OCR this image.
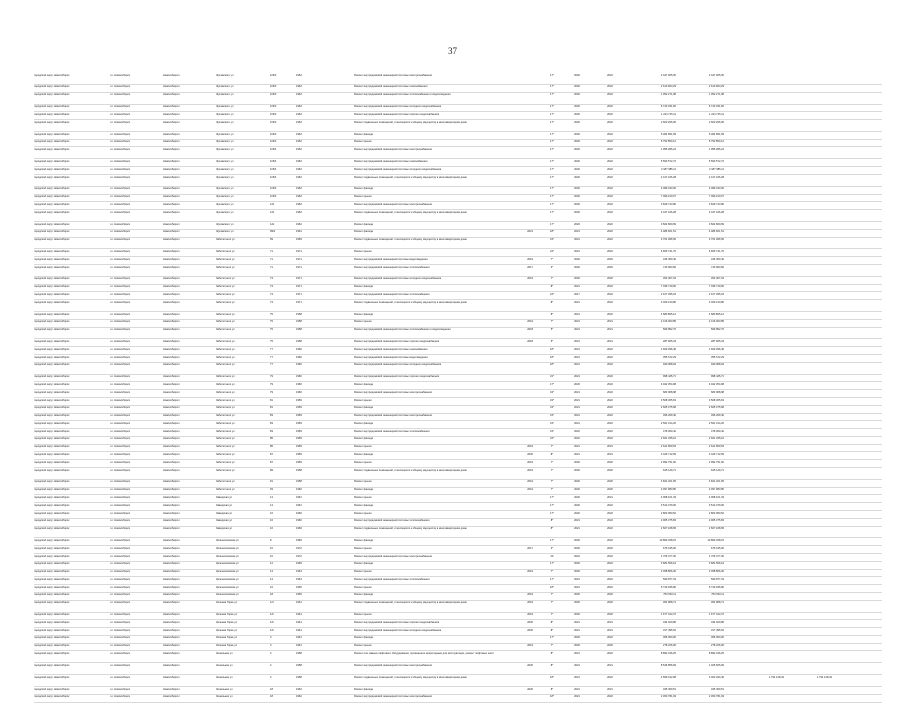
37
городской округ Новосибирск	г.о. Новосибирск	Новосибирск г	Жуковского ул	115/2	1962	Ремонт внутридомовой инженерной системы электроснабжения	17*	2020	2022	2 447 005,30	2 447 005,30
городской округ Новосибирск	г.о. Новосибирск	Новосибирск г	Жуковского ул	115/2	1962	Ремонт внутридомовой инженерной системы газоснабжения	17*	2020	2022	2 610 903,29	2 610 903,29
городской округ Новосибирск	г.о. Новосибирск	Новосибирск г	Жуковского ул	115/2	1962	Ремонт внутридомовой инженерной системы теплоснабжения и водоотведения	17*	2020	2022	1 052 271,08	1 052 271,08
городской округ Новосибирск	г.о. Новосибирск	Новосибирск г	Жуковского ул	115/2	1962	Ремонт внутридомовой инженерной системы холодного водоснабжения	17*	2020	2022	6 743 031,82	6 743 031,82
городской округ Новосибирск	г.о. Новосибирск	Новосибирск г	Жуковского ул	115/2	1962	Ремонт внутридомовой инженерной системы горячего водоснабжения	17*	2020	2022	1 244 715,11	1 244 715,11
городской округ Новосибирск	г.о. Новосибирск	Новосибирск г	Жуковского ул	115/2	1962	Ремонт подвальных помещений, относящихся к общему имуществу в многоквартирном доме	17*	2020	2022	2 603 206,00	2 603 206,00
городской округ Новосибирск	г.о. Новосибирск	Новосибирск г	Жуковского ул	115/2	1962	Ремонт фасада	17*	2020	2022	5 364 891,59	5 364 891,59
городской округ Новосибирск	г.о. Новосибирск	Новосибирск г	Жуковского ул	115/2	1962	Ремонт крыши	17*	2020	2022	5 752 850,12	5 752 850,12
городской округ Новосибирск	г.о. Новосибирск	Новосибирск г	Жуковского ул	115/4	1962	Ремонт внутридомовой инженерной системы электроснабжения	17*	2020	2022	1 955 286,24	1 955 286,24
городской округ Новосибирск	г.о. Новосибирск	Новосибирск г	Жуковского ул	115/4	1962	Ремонт внутридомовой инженерной системы газоснабжения	17*	2020	2022	6 593 572,72	6 593 572,72
городской округ Новосибирск	г.о. Новосибирск	Новосибирск г	Жуковского ул	115/4	1962	Ремонт внутридомовой инженерной системы холодного водоснабжения	17*	2020	2022	3 187 985,11	3 187 985,11
городской округ Новосибирск	г.о. Новосибирск	Новосибирск г	Жуковского ул	115/4	1962	Ремонт подвальных помещений, относящихся к общему имуществу в многоквартирном доме	17*	2020	2022	2 417 246,28	2 417 246,28
городской округ Новосибирск	г.о. Новосибирск	Новосибирск г	Жуковского ул	115/4	1962	Ремонт фасада	17*	2020	2022	2 489 433,00	2 489 433,00
городской округ Новосибирск	г.о. Новосибирск	Новосибирск г	Жуковского ул	115/4	1962	Ремонт крыши	17*	2020	2022	7 090 210,67	7 090 210,67
городской округ Новосибирск	г.о. Новосибирск	Новосибирск г	Жуковского ул	121	1962	Ремонт внутридомовой инженерной системы электроснабжения	17*	2020	2022	3 849 743,80	3 849 743,80
городской округ Новосибирск	г.о. Новосибирск	Новосибирск г	Жуковского ул	121	1962	Ремонт подвальных помещений, относящихся к общему имуществу в многоквартирном доме	17*	2020	2022	2 447 246,28	2 447 246,28
городской округ Новосибирск	г.о. Новосибирск	Новосибирск г	Жуковского ул	121	1962	Ремонт фасада	17*	2020	2022	3 824 809,69	3 824 809,69
городской округ Новосибирск	г.о. Новосибирск	Новосибирск г	Жуковского ул	99/2	1961	Ремонт фасада	2021	18*	2021	2022	4 486 601,51	4 486 601,51
городской округ Новосибирск	г.о. Новосибирск	Новосибирск г	Заболотного ул	59	1959	Ремонт подвальных помещений, относящихся к общему имуществу в многоквартирном доме	43*	2021	2022	3 761 996,50	3 761 996,50
городской округ Новосибирск	г.о. Новосибирск	Новосибирск г	Заболотного ул	71	1971	Ремонт крыши	44*	2021	2022	6 666 731,70	6 666 731,70
городской округ Новосибирск	г.о. Новосибирск	Новосибирск г	Заболотного ул	71	1971	Ремонт внутридомовой инженерной системы водоотведения	2019	7*	2020	2020	446 360,40	446 360,40
городской округ Новосибирск	г.о. Новосибирск	Новосибирск г	Заболотного ул	71	1971	Ремонт внутридомовой инженерной системы теплоснабжения	2017	3*	2020	2020	743 963,82	743 963,82
городской округ Новосибирск	г.о. Новосибирск	Новосибирск г	Заболотного ул	73	1971	Ремонт внутридомовой инженерной системы холодного водоснабжения	2019	7*	2020	2020	452 307,04	452 307,04
городской округ Новосибирск	г.о. Новосибирск	Новосибирск г	Заболотного ул	73	1971	Ремонт фасада	8*	2021	2022	7 036 719,60	7 036 719,60
городской округ Новосибирск	г.о. Новосибирск	Новосибирск г	Заболотного ул	73	1971	Ремонт внутридомовой инженерной системы теплоснабжения	24*	2017	2022	2 107 395,03	2 107 395,03
городской округ Новосибирск	г.о. Новосибирск	Новосибирск г	Заболотного ул	73	1971	Ремонт подвальных помещений, относящихся к общему имуществу в многоквартирном доме	8*	2021	2022	3 409 210,80	3 409 210,80
городской округ Новосибирск	г.о. Новосибирск	Новосибирск г	Заболотного ул	75	1958	Ремонт фасада	8*	2021	2022	4 580 865,12	4 580 865,12
городской округ Новосибирск	г.о. Новосибирск	Новосибирск г	Заболотного ул	75	1958	Ремонт крыши	2019	7*	2021	2021	2 416 063,86	2 416 063,86
городской округ Новосибирск	г.о. Новосибирск	Новосибирск г	Заболотного ул	75	1958	Ремонт внутридомовой инженерной системы теплоснабжения и водоотведения	2018	5*	2021	2021	599 892,70	599 892,70
городской округ Новосибирск	г.о. Новосибирск	Новосибирск г	Заболотного ул	75	1958	Ремонт внутридомовой инженерной системы горячего водоснабжения	2018	5*	2021	2021	287 825,33	287 825,33
городской округ Новосибирск	г.о. Новосибирск	Новосибирск г	Заболотного ул	77	1960	Ремонт внутридомовой инженерной системы газоснабжения	18*	2021	2022	1 609 396,46	1 609 396,46
городской округ Новосибирск	г.о. Новосибирск	Новосибирск г	Заболотного ул	77	1960	Ремонт внутридомовой инженерной системы водоотведения	18*	2021	2022	355 672,29	355 672,29
городской округ Новосибирск	г.о. Новосибирск	Новосибирск г	Заболотного ул	77	1960	Ремонт внутридомовой инженерной системы холодного водоснабжения	18*	2021	2022	940 968,94	940 968,94
городской округ Новосибирск	г.о. Новосибирск	Новосибирск г	Заболотного ул	79	1960	Ремонт внутридомовой инженерной системы горячего водоснабжения	31*	2021	2022	998 445,71	998 445,71
городской округ Новосибирск	г.о. Новосибирск	Новосибирск г	Заболотного ул	79	1960	Ремонт фасада	17*	2020	2022	4 942 354,98	4 942 354,98
городской округ Новосибирск	г.о. Новосибирск	Новосибирск г	Заболотного ул	79	1960	Ремонт внутридомовой инженерной системы электроснабжения	43*	2021	2022	683 968,98	683 968,98
городской округ Новосибирск	г.о. Новосибирск	Новосибирск г	Заболотного ул	81	1959	Ремонт крыши	43*	2021	2022	3 508 365,63	3 508 365,63
городской округ Новосибирск	г.о. Новосибирск	Новосибирск г	Заболотного ул	81	1959	Ремонт фасада	43*	2021	2022	2 665 375,68	2 665 375,68
городской округ Новосибирск	г.о. Новосибирск	Новосибирск г	Заболотного ул	83	1959	Ремонт внутридомовой инженерной системы электроснабжения	43*	2021	2022	496 209,40	496 209,40
городской округ Новосибирск	г.о. Новосибирск	Новосибирск г	Заболотного ул	83	1959	Ремонт фасада	43*	2021	2022	2 561 314,20	2 561 314,20
городской округ Новосибирск	г.о. Новосибирск	Новосибирск г	Заболотного ул	83	1959	Ремонт внутридомовой инженерной системы теплоснабжения	43*	2022	2022	478 009,42	478 009,42
городской округ Новосибирск	г.о. Новосибирск	Новосибирск г	Заболотного ул	85	1959	Ремонт фасада	43*	2022	2022	2 601 345,16	2 601 345,16
городской округ Новосибирск	г.о. Новосибирск	Новосибирск г	Заболотного ул	85	1959	Ремонт крыши	2019	7*	2021	2021	2 641 809,53	2 641 809,53
городской округ Новосибирск	г.о. Новосибирск	Новосибирск г	Заболотного ул	87	1959	Ремонт фасада	2020	8*	2021	2021	3 426 712,65	3 426 712,65
городской округ Новосибирск	г.о. Новосибирск	Новосибирск г	Заболотного ул	87	1959	Ремонт крыши	2019	7*	2020	2020	2 992 751,60	2 992 751,60
городской округ Новосибирск	г.о. Новосибирск	Новосибирск г	Заболотного ул	89	1958	Ремонт подвальных помещений, относящихся к общему имуществу в многоквартирном доме	2019	7*	2020	2020	625 129,71	625 129,71
городской округ Новосибирск	г.о. Новосибирск	Новосибирск г	Заболотного ул	91	1958	Ремонт крыши	2019	7*	2020	2020	4 841 021,65	4 841 021,65
городской округ Новосибирск	г.о. Новосибирск	Новосибирск г	Заболотного ул	93	1960	Ремонт фасада	2019	7*	2020	2020	3 097 983,80	3 097 983,80
городской округ Новосибирск	г.о. Новосибирск	Новосибирск г	Заводская ул	14	1961	Ремонт крыши	17*	2020	2021	4 908 101,33	4 908 101,33
городской округ Новосибирск	г.о. Новосибирск	Новосибирск г	Заводская ул	14	1961	Ремонт фасада	17*	2020	2022	3 512 379,00	3 512 379,00
городской округ Новосибирск	г.о. Новосибирск	Новосибирск г	Заводская ул	16	1960	Ремонт крыши	17*	2020	2022	2 803 383,52	2 803 383,52
городской округ Новосибирск	г.о. Новосибирск	Новосибирск г	Заводская ул	16	1960	Ремонт внутридомовой инженерной системы теплоснабжения	8*	2021	2022	2 965 375,83	2 965 375,83
городской округ Новосибирск	г.о. Новосибирск	Новосибирск г	Заводская ул	16	1960	Ремонт подвальных помещений, относящихся к общему имуществу в многоквартирном доме	8*	2021	2022	2 607 328,65	2 607 328,65
городской округ Новосибирск	г.о. Новосибирск	Новосибирск г	Зеленхозовская ул	8	1969	Ремонт фасада	17*	2020	2022	10 893 328,15	10 893 328,15
городской округ Новосибирск	г.о. Новосибирск	Новосибирск г	Зеленхозовская ул	10	1972	Ремонт крыши	2017	3*	2020	2020	675 195,00	675 195,00
городской округ Новосибирск	г.о. Новосибирск	Новосибирск г	Зеленхозовская ул	10	1972	Ремонт внутридомовой инженерной системы электроснабжения	26	2022	2022	1 706 377,00	1 706 377,00
городской округ Новосибирск	г.о. Новосибирск	Новосибирск г	Зеленхозовская ул	12	1969	Ремонт фасада	17*	2020	2022	3 681 566,19	3 681 566,19
городской округ Новосибирск	г.о. Новосибирск	Новосибирск г	Зеленхозовская ул	14	1964	Ремонт крыши	2019	7*	2020	2020	2 458 866,30	2 458 866,30
городской округ Новосибирск	г.о. Новосибирск	Новосибирск г	Зеленхозовская ул	14	1964	Ремонт внутридомовой инженерной системы теплоснабжения	17*	2021	2022	590 877,34	590 877,34
городской округ Новосибирск	г.о. Новосибирск	Новосибирск г	Зеленхозовская ул	16	1965	Ремонт крыши	18*	2021	2022	5 729 945,80	5 729 945,80
городской округ Новосибирск	г.о. Новосибирск	Новосибирск г	Зеленхозовская ул	18	1965	Ремонт фасада	2019	7*	2020	2020	753 603,11	753 603,11
городской округ Новосибирск	г.о. Новосибирск	Новосибирск г	Зеленая Горка ул	1/4	1961	Ремонт подвальных помещений, относящихся к общему имуществу в многоквартирном доме	2019	7*	2020	2020	364 808,71	364 808,71
городской округ Новосибирск	г.о. Новосибирск	Новосибирск г	Зеленая Горка ул	1/9	1961	Ремонт крыши	2019	7*	2020	2020	1 677 422,37	1 677 422,37
городской округ Новосибирск	г.о. Новосибирск	Новосибирск г	Зеленая Горка ул	1/9	1961	Ремонт внутридомовой инженерной системы горячего водоснабжения	2020	8*	2021	2021	344 620,86	344 620,86
городской округ Новосибирск	г.о. Новосибирск	Новосибирск г	Зеленая Горка ул	1/9	1961	Ремонт внутридомовой инженерной системы холодного водоснабжения	2020	8*	2021	2021	317 395,52	317 395,52
городской округ Новосибирск	г.о. Новосибирск	Новосибирск г	Зеленая Горка ул	3	1961	Ремонт фасада	17*	2020	2022	365 000,00	365 000,00
городской округ Новосибирск	г.о. Новосибирск	Новосибирск г	Зеленая Горка ул	3	1961	Ремонт крыши	2019	7*	2020	2020	278 226,00	278 226,00
городской округ Новосибирск	г.о. Новосибирск	Новосибирск г	Зональная ул	4	1958	Ремонт или замена лифтового оборудования, признанного непригодным для эксплуатации, ремонт лифтовых шахт	8*	2021	2022	8 892 346,25	8 892 346,25
городской округ Новосибирск	г.о. Новосибирск	Новосибирск г	Зональная ул	4	1958	Ремонт внутридомовой инженерной системы электроснабжения	2020	8*	2021	2021	8 546 856,84	1 026 505,06
городской округ Новосибирск	г.о. Новосибирск	Новосибирск г	Зональная ул	4	1958	Ремонт подвальных помещений, относящихся к общему имуществу в многоквартирном доме	18*	2021	2022	4 559 012,68	3 402 494,46	1 791 128,34	1 791 128,34
городской округ Новосибирск	г.о. Новосибирск	Новосибирск г	Зональная ул	18	1962	Ремонт фасада	2020	8*	2021	2021	345 309,51	345 309,51
городской округ Новосибирск	г.о. Новосибирск	Новосибирск г	Зональная ул	18	1962	Ремонт внутридомовой инженерной системы электроснабжения	18*	2021	2022	2 453 781,93	2 453 781,93
